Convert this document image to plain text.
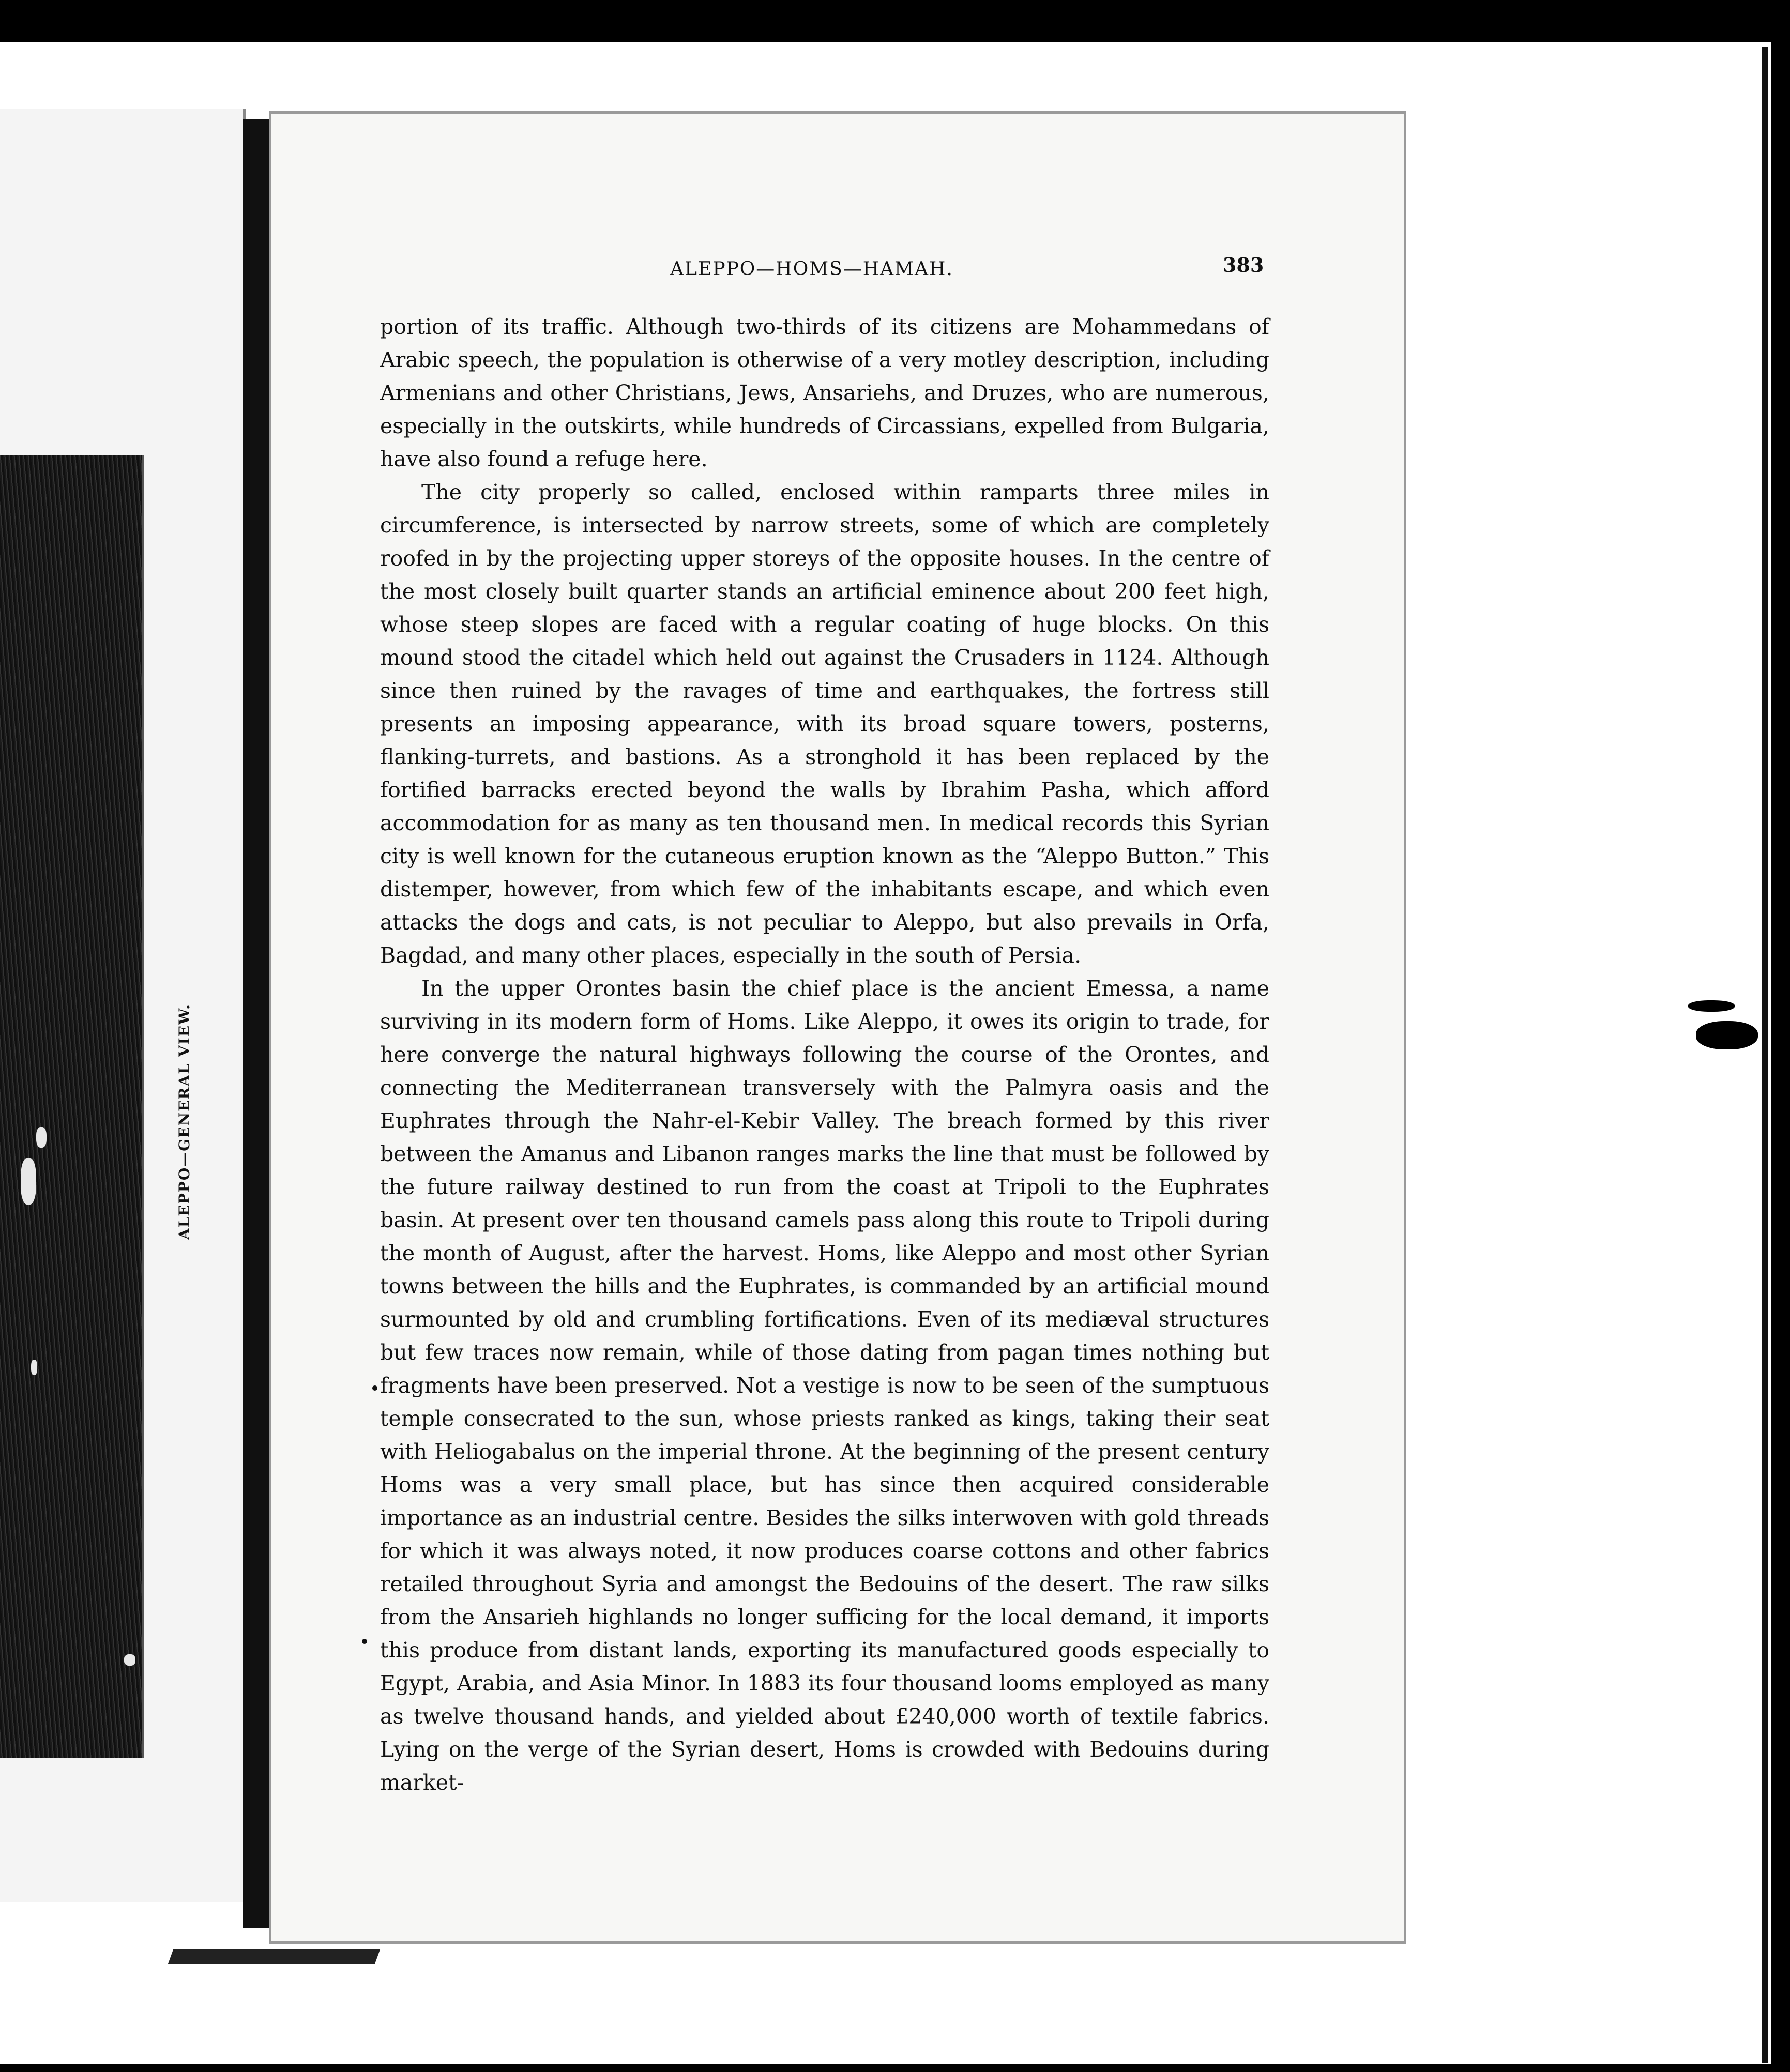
ALEPPO—GENERAL VIEW.
ALEPPO—HOMS—HAMAH.	383

portion of its traffic. Although two-thirds of its citizens are Mohammedans of Arabic speech, the population is otherwise of a very motley description, including Armenians and other Christians, Jews, Ansariehs, and Druzes, who are numerous, especially in the outskirts, while hundreds of Circassians, expelled from Bulgaria, have also found a refuge here.

The city properly so called, enclosed within ramparts three miles in circumference, is intersected by narrow streets, some of which are completely roofed in by the projecting upper storeys of the opposite houses. In the centre of the most closely built quarter stands an artificial eminence about 200 feet high, whose steep slopes are faced with a regular coating of huge blocks. On this mound stood the citadel which held out against the Crusaders in 1124. Although since then ruined by the ravages of time and earthquakes, the fortress still presents an imposing appearance, with its broad square towers, posterns, flanking-turrets, and bastions. As a stronghold it has been replaced by the fortified barracks erected beyond the walls by Ibrahim Pasha, which afford accommodation for as many as ten thousand men. In medical records this Syrian city is well known for the cutaneous eruption known as the “Aleppo Button.” This distemper, however, from which few of the inhabitants escape, and which even attacks the dogs and cats, is not peculiar to Aleppo, but also prevails in Orfa, Bagdad, and many other places, especially in the south of Persia.

In the upper Orontes basin the chief place is the ancient Emessa, a name surviving in its modern form of Homs. Like Aleppo, it owes its origin to trade, for here converge the natural highways following the course of the Orontes, and connecting the Mediterranean transversely with the Palmyra oasis and the Euphrates through the Nahr-el-Kebir Valley. The breach formed by this river between the Amanus and Libanon ranges marks the line that must be followed by the future railway destined to run from the coast at Tripoli to the Euphrates basin. At present over ten thousand camels pass along this route to Tripoli during the month of August, after the harvest. Homs, like Aleppo and most other Syrian towns between the hills and the Euphrates, is commanded by an artificial mound surmounted by old and crumbling fortifications. Even of its mediæval structures but few traces now remain, while of those dating from pagan times nothing but fragments have been preserved. Not a vestige is now to be seen of the sumptuous temple consecrated to the sun, whose priests ranked as kings, taking their seat with Heliogabalus on the imperial throne. At the beginning of the present century Homs was a very small place, but has since then acquired considerable importance as an industrial centre. Besides the silks interwoven with gold threads for which it was always noted, it now produces coarse cottons and other fabrics retailed throughout Syria and amongst the Bedouins of the desert. The raw silks from the Ansarieh highlands no longer sufficing for the local demand, it imports this produce from distant lands, exporting its manufactured goods especially to Egypt, Arabia, and Asia Minor. In 1883 its four thousand looms employed as many as twelve thousand hands, and yielded about £240,000 worth of textile fabrics. Lying on the verge of the Syrian desert, Homs is crowded with Bedouins during market-
